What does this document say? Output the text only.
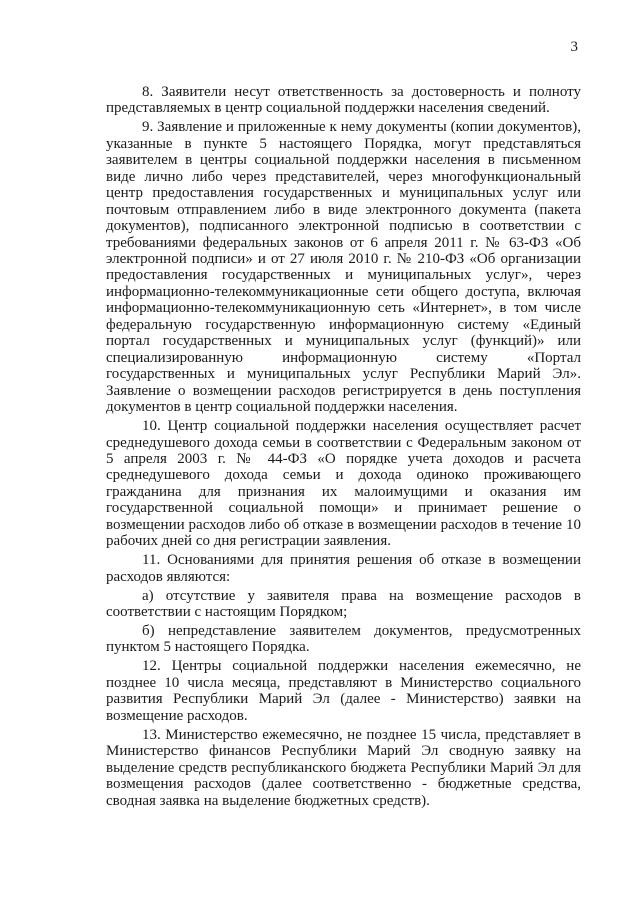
3

8. Заявители несут ответственность за достоверность и полноту представляемых в центр социальной поддержки населения сведений.

9. Заявление и приложенные к нему документы (копии документов), указанные в пункте 5 настоящего Порядка, могут представляться заявителем в центры социальной поддержки населения в письменном виде лично либо через представителей, через многофункциональный центр предоставления государственных и муниципальных услуг или почтовым отправлением либо в виде электронного документа (пакета документов), подписанного электронной подписью в соответствии с требованиями федеральных законов от 6 апреля 2011 г. № 63-ФЗ «Об электронной подписи» и от 27 июля 2010 г. № 210-ФЗ «Об организации предоставления государственных и муниципальных услуг», через информационно-телекоммуникационные сети общего доступа, включая информационно-телекоммуникационную сеть «Интернет», в том числе федеральную государственную информационную систему «Единый портал государственных и муниципальных услуг (функций)» или специализированную информационную систему «Портал государственных и муниципальных услуг Республики Марий Эл». Заявление о возмещении расходов регистрируется в день поступления документов в центр социальной поддержки населения.

10. Центр социальной поддержки населения осуществляет расчет среднедушевого дохода семьи в соответствии с Федеральным законом от 5 апреля 2003 г. № 44-ФЗ «О порядке учета доходов и расчета среднедушевого дохода семьи и дохода одиноко проживающего гражданина для признания их малоимущими и оказания им государственной социальной помощи» и принимает решение о возмещении расходов либо об отказе в возмещении расходов в течение 10 рабочих дней со дня регистрации заявления.

11. Основаниями для принятия решения об отказе в возмещении расходов являются:

а) отсутствие у заявителя права на возмещение расходов в соответствии с настоящим Порядком;

б) непредставление заявителем документов, предусмотренных пунктом 5 настоящего Порядка.

12. Центры социальной поддержки населения ежемесячно, не позднее 10 числа месяца, представляют в Министерство социального развития Республики Марий Эл (далее - Министерство) заявки на возмещение расходов.

13. Министерство ежемесячно, не позднее 15 числа, представляет в Министерство финансов Республики Марий Эл сводную заявку на выделение средств республиканского бюджета Республики Марий Эл для возмещения расходов (далее соответственно - бюджетные средства, сводная заявка на выделение бюджетных средств).
